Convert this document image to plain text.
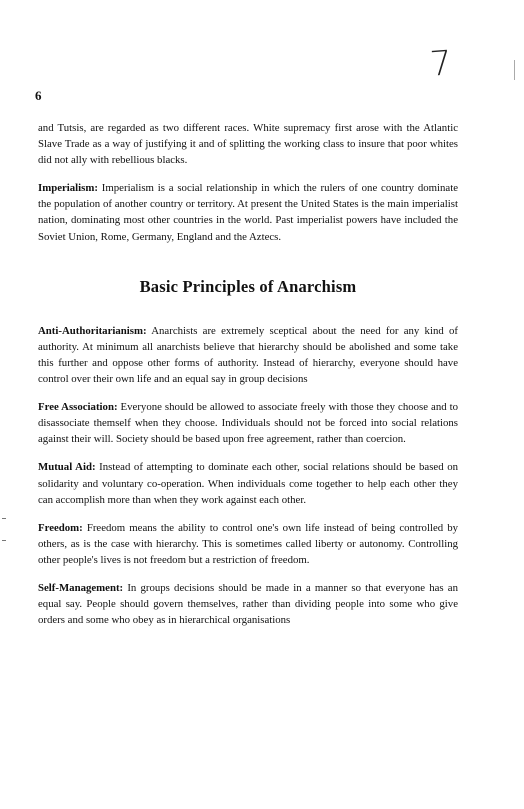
7
6

and Tutsis, are regarded as two different races. White supremacy first arose with the Atlantic Slave Trade as a way of justifying it and of splitting the working class to insure that poor whites did not ally with rebellious blacks.

Imperialism: Imperialism is a social relationship in which the rulers of one country dominate the population of another country or territory. At present the United States is the main imperialist nation, dominating most other countries in the world. Past imperialist powers have included the Soviet Union, Rome, Germany, England and the Aztecs.

Basic Principles of Anarchism

Anti-Authoritarianism: Anarchists are extremely sceptical about the need for any kind of authority. At minimum all anarchists believe that hierarchy should be abolished and some take this further and oppose other forms of authority. Instead of hierarchy, everyone should have control over their own life and an equal say in group decisions

Free Association: Everyone should be allowed to associate freely with those they choose and to disassociate themself when they choose. Individuals should not be forced into social relations against their will. Society should be based upon free agreement, rather than coercion.

Mutual Aid: Instead of attempting to dominate each other, social relations should be based on solidarity and voluntary co-operation. When individuals come together to help each other they can accomplish more than when they work against each other.

Freedom: Freedom means the ability to control one's own life instead of being controlled by others, as is the case with hierarchy. This is sometimes called liberty or autonomy. Controlling other people's lives is not freedom but a restriction of freedom.

Self-Management: In groups decisions should be made in a manner so that everyone has an equal say. People should govern themselves, rather than dividing people into some who give orders and some who obey as in hierarchical organisations
